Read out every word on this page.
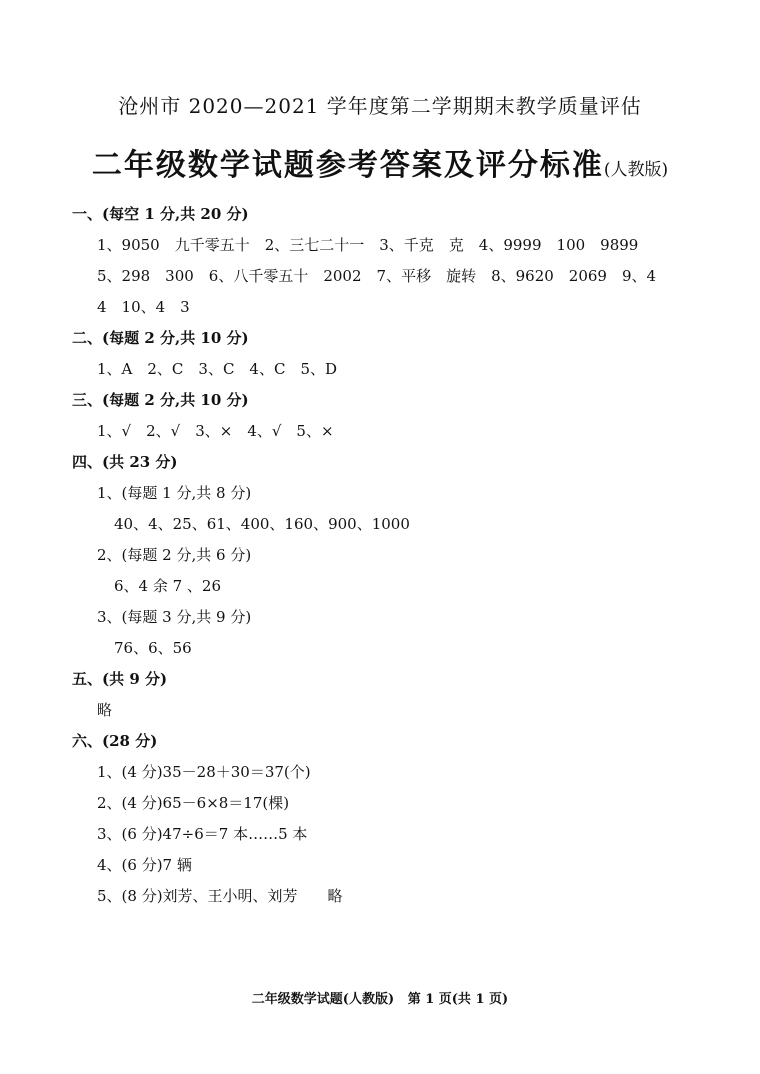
沧州市 2020—2021 学年度第二学期期末教学质量评估
二年级数学试题参考答案及评分标准(人教版)
一、(每空 1 分,共 20 分)
1、9050　九千零五十　2、三七二十一　3、千克　克　4、9999　100　9899
5、298　300　6、八千零五十　2002　7、平移　旋转　8、9620　2069　9、4
4　10、4　3
二、(每题 2 分,共 10 分)
1、A　2、C　3、C　4、C　5、D
三、(每题 2 分,共 10 分)
1、√　2、√　3、×　4、√　5、×
四、(共 23 分)
1、(每题 1 分,共 8 分)
40、4、25、61、400、160、900、1000
2、(每题 2 分,共 6 分)
6、4 余 7 、26
3、(每题 3 分,共 9 分)
76、6、56
五、(共 9 分)
略
六、(28 分)
1、(4 分)35－28＋30＝37(个)
2、(4 分)65－6×8＝17(棵)
3、(6 分)47÷6＝7 本……5 本
4、(6 分)7 辆
5、(8 分)刘芳、王小明、刘芳　　略
二年级数学试题(人教版) 第 1 页(共 1 页)
